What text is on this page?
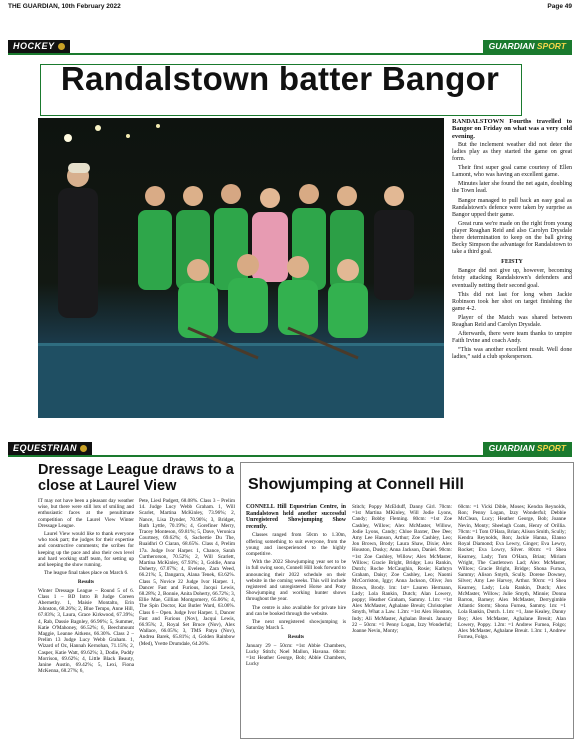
THE GUARDIAN, 10th February 2022	Page 49
HOCKEY	GUARDIAN SPORT
Randalstown batter Bangor

RANDALSTOWN Fourths travelled to Bangor on Friday on what was a very cold evening.

But the inclement weather did not deter the ladies play as they started the game on great form.

Their first super goal came courtesy of Ellen Lamont, who was having an excellent game.

Minutes later she found the net again, doubling the Town lead.

Bangor managed to pull back an easy goal as Randalstown's defence were taken by surprise as Bangor upped their game.

Great runs we're made on the right from young player Reaghan Reid and also Carolyn Drysdale there determination to keep on the ball giving Becky Simpson the advantage for Randalstown to take a third goal.

FEISTY

Bangor did not give up, however, becoming feisty attacking Randalstown's defenders and eventually netting their second goal.

This did not last for long when Jackie Robinson took her shot on target finishing the game 4-2.

Player of the Match was shared between Reaghan Reid and Carolyn Drysdale.

Afterwards, there were team thanks to umpire Faith Irvine and coach Andy.

“This was another excellent result. Well done ladies,” said a club spokesperson.

EQUESTRIAN	GUARDIAN SPORT
Dressage League draws to a close at Laurel View

IT may not have been a pleasant day weather wise, but there were still lots of smiling and enthusiastic faces at the penultimate competition of the Laurel View Winter Dressage League.

Laurel View would like to thank everyone who took part; the judges for their expertise and constructive comments; the scribes for keeping up the pace and also their own level and hard working staff team, for setting up and keeping the show running.

The league final takes place on March 6.

Results

Winter Dressage League – Round 5 of 6. Class 1 – BD Intro B Judge Coreen Abernethy. 1, Maisie Montalto, Erin Johnston, 68.26%; 2, Blue Tempo, Anne Hill, 67.83%; 3, Laura, Grace Kirkwood, 67.39%; 4, Rab, Dassie Bagnley, 66.96%; 5, Summer, Katie O'Mahoney, 66.52%; 6, Beechmount Maggie, Leanne Aitkens, 66.30%. Class 2 – Prelim 13 Judge Lucy Webb Graham. 1, Wizard of Oz, Hannah Kernohan, 71.15%; 2, Casper, Katie Watt, 69.62%; 3, Dodie, Paddy Morrison, 69.62%; 4, Little Black Beauty, Janine Austin, 69.42%; 5, Lexi, Fiona McKenna, 68.27%; 6,

Pete, Liesl Padgett, 68.08%. Class 3 – Prelim 14. Judge Lucy Webb Graham. 1, Will Scarlet, Martina McKinley, 73.96%; 2, Nance, Lisa Dynder, 70.96%; 3, Bridget, Ruth Lyttle, 70.19%; 4, Gorefiner Merry, Tracey Monteson, 69.81%; 5, Dave, Veronica Courtney, 69.62%; 6, Sachertie Du The, Ruaidhri O Ciaran, 68.65%. Class 4, Prelim 17a. Judge Ivor Harper. 1, Chance, Sarah Curtherorson, 70.52%; 2, Will Scarlett, Martina McKinley, 67.93%; 3, Goldie, Anna Doherty, 67.07%; 4, Evelene, Zara Weed, 66.21%; 5, Dangarra, Alana Tenek, 63.62%. Class 5, Novice 22 Judge Ivor Harper. 1, Dancer Fast and Furious, Jacqui Lewis, 68.28%; 2, Bonnie, Anita Doherty, 66.72%; 3, Ellie Mae, Gillian Montgomery, 65.06%; 4, The Spin Doctor, Kat Butler Ward, 63.06%. Class 6 – Open. Judge Ivor Harper. 1, Dancer Fast and Furious (Nov), Jacqui Lewis, 66.95%; 2, Royal Set Bruce (Nov), Alex Wallace, 66.05%; 3, TMS Patya (Nov), Andrea Barek, 65.81%; 4, Golden Rainbow (Med), Yvette Drumdale, 64.26%.

Showjumping at Connell Hill

CONNELL Hill Equestrian Centre, in Randalstown held another successful Unregistered Showjumping Show recently.

Classes ranged from 50cm to 1.30m, offering something to suit everyone, from the young and inexperienced to the highly competitive.

With the 2022 Showjumping year set to be in full swing soon, Connell Hill look forward to announcing their 2022 schedule on their website in the coming weeks. This will include registered and unregistered Horse and Pony Showjumping and working hunter shows throughout the year.

The centre is also available for private hire and can be booked through the website.

The next unregistered showjumping is Saturday March 5.

Results

January 29 – 50cm: =1st Abbie Chambers, Lucky Stitch; Noel Mallon, Havana. 60cm: =1st Heather George, Bob; Abbie Chambers, Lucky

Stitch; Poppy McElduff, Danny Girl. 70cm: =1st Martina MKinley, Will Jodie Lyons, Candy; Bobby Fleming. 80cm: =1st Zoe Cashley, Willow; Alex McMaster, Willow, Jodie Lyons, Candy; Chloe Baxter, Dee Dee; Amy Lee Hanson, Arthur; Zoe Cashley, Leo; Jon Brown, Brody; Laura Shaw, Dixie; Alex Houston, Dusky; Anna Jackson, Daniel. 90cm: =1st Zoe Cashley, Willow; Alex McMaster, Willow; Gracie Bright, Bridge; Lou Rankin, Dutch; Roche McCaughin, Rosie; Kathryn Graham, Daisy; Zoe Cashley, Leo; Naomi McCorriston, Iggy; Anna Jackson, Olive; Jon Brown, Brody. 1m: 1st= Lauren Hermann, Lady; Lola Rankin, Dutch; Alan Lowery, poppy; Heather Graham, Sammy. 1.1m: =1st Alex McMaster, Aghalane Breuit; Christopher Smyth, What a Law. 1.2m: =1st Alex Houston, Indy; Ali McMaster, Aghalan Breuit. January 22 – 50cm: =1 Penny Logan, Izzy Wonderful; Joanne Nevin, Monty;

60cm: =1 Vicki Dible, Moses; Kendra Reynolds, Ron; Penny Logan, Izzy Wonderful; Debbie McClean, Lucy; Heather George, Bob; Joanne Nevin, Monty; Sheelagh Coats, Henry of Orillia. 70cm: =1 Tom O'Hara, Brian; Alison Smith, Scully; Kendra Reynolds, Ron; Jackie Hanna, Elanso Royal Diamond; Eva Lewry, Ginger; Eva Lewry, Rocket; Eva Lowry, Silver. 80cm: =1 Shea Kearney, Lady; Tom O'Hara, Brian; Miriam Wright, The Castletown Lad; Alex McMaster, Willow; Gracie Bright, Bridge; Shona Furnca, Sammy; Alison Smyth, Scully. Dorene Downey, Silver; Amy Lee Harvey, Arthur. 90cm: =1 Shea Kearney, Lady; Lola Rankin, Dutch; Alex McMaster, Willow; Julie Smyth, Minnie; Donna Barron, Barney; Alex McMaster, Derrygimble Atlantic Storm; Shona Furnea, Sammy. 1m: =1 Lola Rankin, Dutch. 1.1m: =1, Jane Kealey, Danny Boy; Alex McMaster, Aghalane Breuit; Alan Lowery, Poppy. 1.2m: =1 Andrew Furnea, Folgo; Alex McMaster, Aghalane Breuit. 1.3m: 1, Andrew Furnea, Folgo.
